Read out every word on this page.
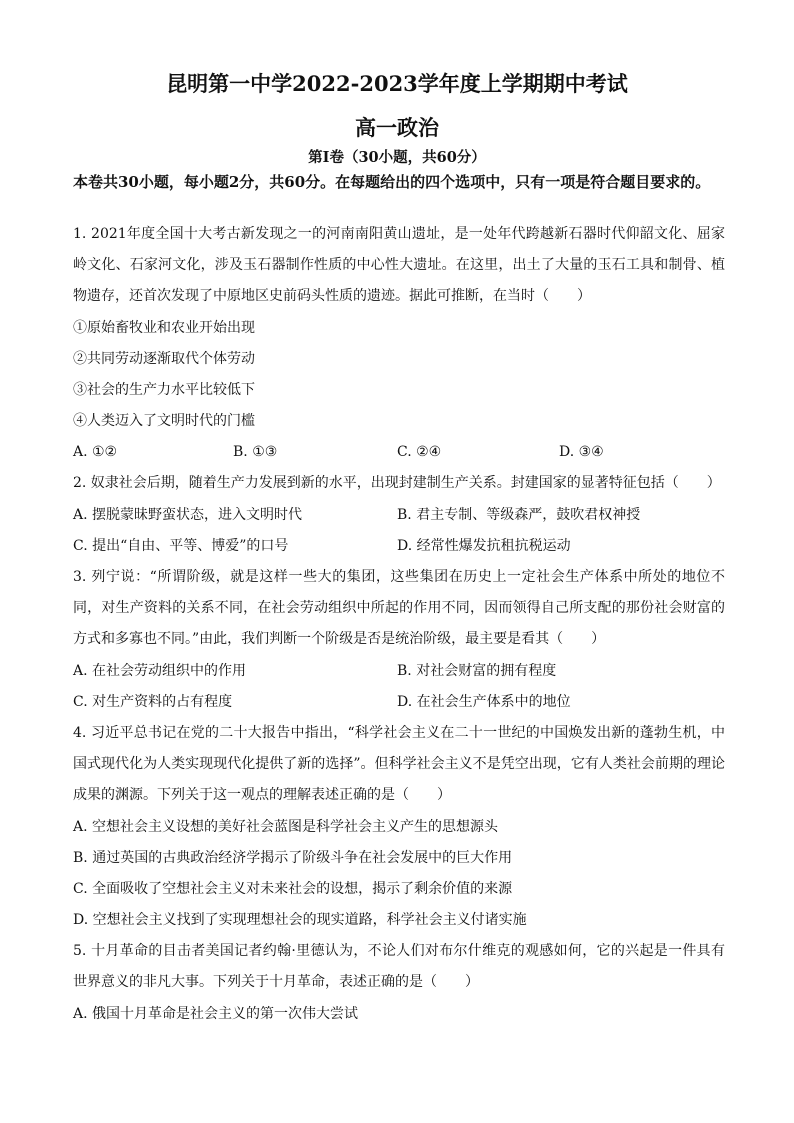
昆明第一中学2022-2023学年度上学期期中考试
高一政治
第Ⅰ卷（30小题，共60分）
本卷共30小题，每小题2分，共60分。在每题给出的四个选项中，只有一项是符合题目要求的。
1. 2021年度全国十大考古新发现之一的河南南阳黄山遗址，是一处年代跨越新石器时代仰韶文化、屈家岭文化、石家河文化，涉及玉石器制作性质的中心性大遗址。在这里，出土了大量的玉石工具和制骨、植物遗存，还首次发现了中原地区史前码头性质的遗迹。据此可推断，在当时（　　）
①原始畜牧业和农业开始出现
②共同劳动逐渐取代个体劳动
③社会的生产力水平比较低下
④人类迈入了文明时代的门槛
A. ①②	B. ①③	C. ②④	D. ③④
2. 奴隶社会后期，随着生产力发展到新的水平，出现封建制生产关系。封建国家的显著特征包括（　　）
A. 摆脱蒙昧野蛮状态，进入文明时代	B. 君主专制、等级森严，鼓吹君权神授
C. 提出“自由、平等、博爱”的口号	D. 经常性爆发抗租抗税运动
3. 列宁说：“所谓阶级，就是这样一些大的集团，这些集团在历史上一定社会生产体系中所处的地位不同，对生产资料的关系不同，在社会劳动组织中所起的作用不同，因而领得自己所支配的那份社会财富的方式和多寡也不同。”由此，我们判断一个阶级是否是统治阶级，最主要是看其（　　）
A. 在社会劳动组织中的作用	B. 对社会财富的拥有程度
C. 对生产资料的占有程度	D. 在社会生产体系中的地位
4. 习近平总书记在党的二十大报告中指出，“科学社会主义在二十一世纪的中国焕发出新的蓬勃生机，中国式现代化为人类实现现代化提供了新的选择”。但科学社会主义不是凭空出现，它有人类社会前期的理论成果的渊源。下列关于这一观点的理解表述正确的是（　　）
A. 空想社会主义设想的美好社会蓝图是科学社会主义产生的思想源头
B. 通过英国的古典政治经济学揭示了阶级斗争在社会发展中的巨大作用
C. 全面吸收了空想社会主义对未来社会的设想，揭示了剩余价值的来源
D. 空想社会主义找到了实现理想社会的现实道路，科学社会主义付诸实施
5. 十月革命的目击者美国记者约翰·里德认为，不论人们对布尔什维克的观感如何，它的兴起是一件具有世界意义的非凡大事。下列关于十月革命，表述正确的是（　　）
A. 俄国十月革命是社会主义的第一次伟大尝试
